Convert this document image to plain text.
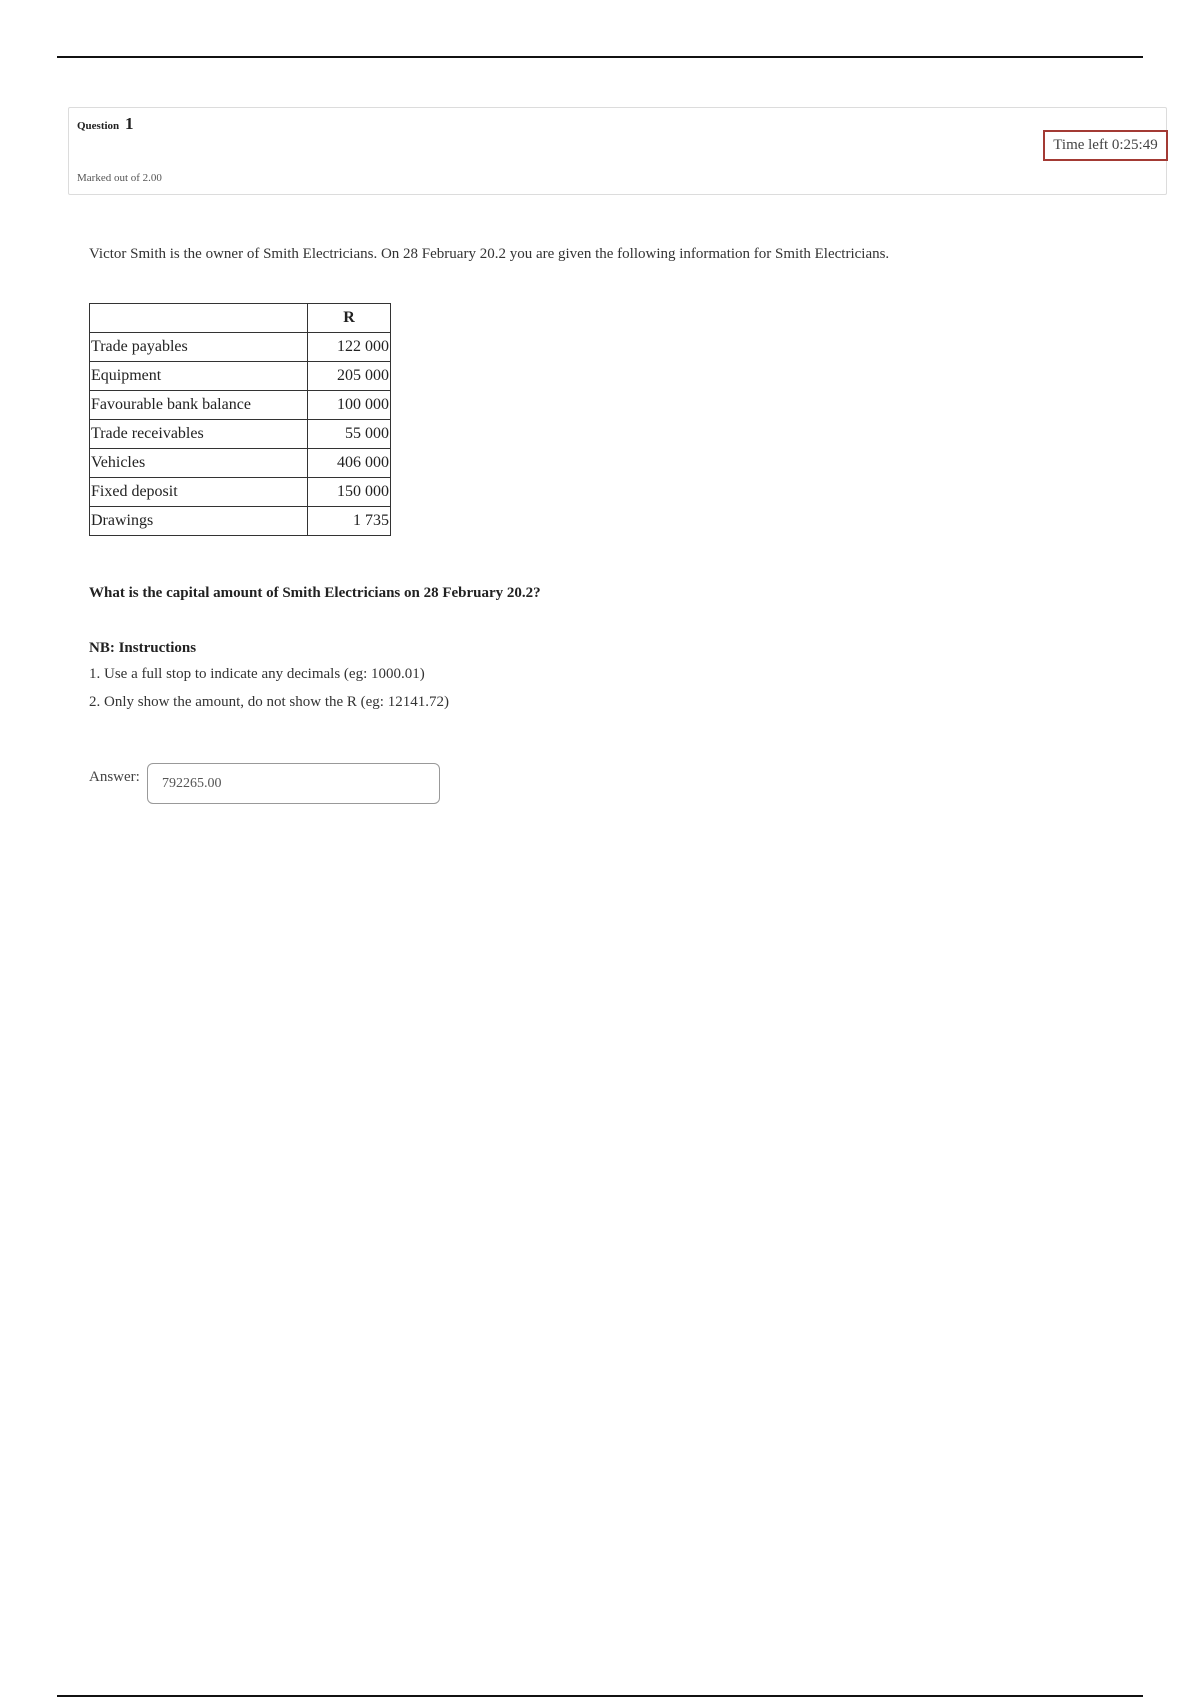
Question 1
Marked out of 2.00
Time left 0:25:49
Victor Smith is the owner of Smith Electricians. On 28 February 20.2 you are given the following information for Smith Electricians.
	R
Trade payables	122 000
Equipment	205 000
Favourable bank balance	100 000
Trade receivables	55 000
Vehicles	406 000
Fixed deposit	150 000
Drawings	1 735
What is the capital amount of Smith Electricians on 28 February 20.2?
NB: Instructions
1. Use a full stop to indicate any decimals (eg: 1000.01)
2. Only show the amount, do not show the R (eg: 12141.72)
Answer:
792265.00
